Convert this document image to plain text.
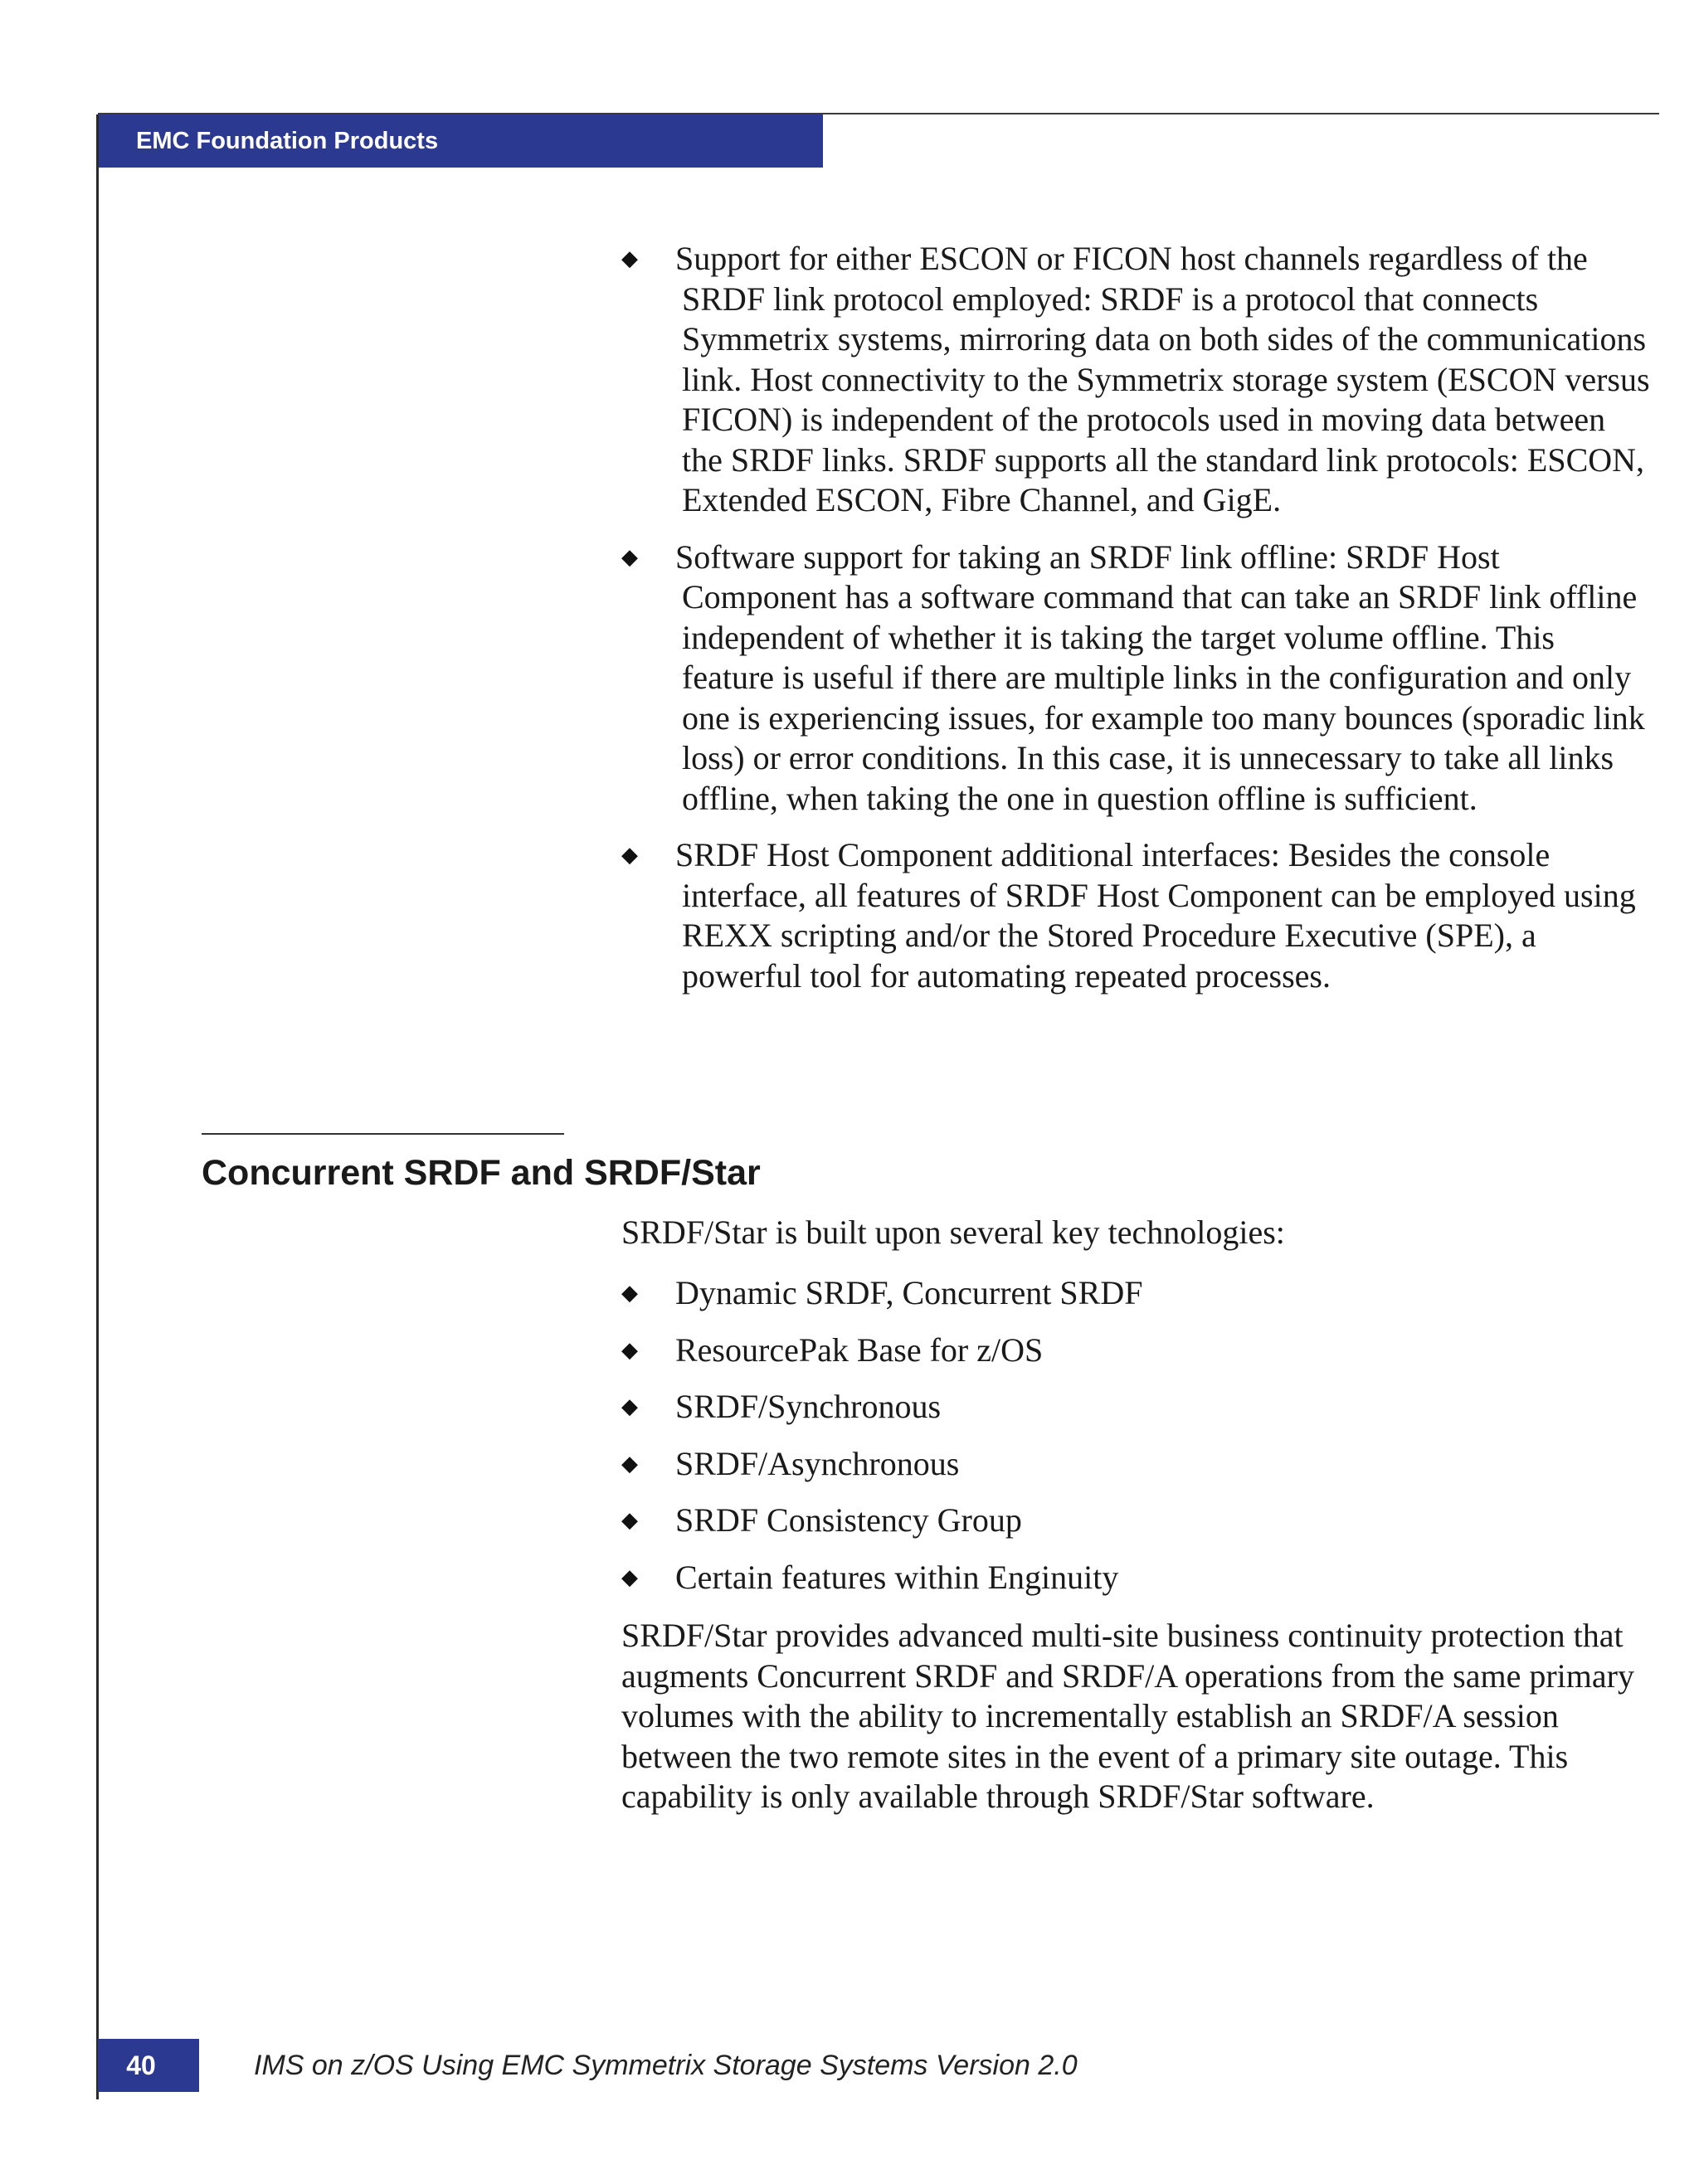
EMC Foundation Products
◆	Support for either ESCON or FICON host channels regardless of the SRDF link protocol employed: SRDF is a protocol that connects Symmetrix systems, mirroring data on both sides of the communications link. Host connectivity to the Symmetrix storage system (ESCON versus FICON) is independent of the protocols used in moving data between the SRDF links. SRDF supports all the standard link protocols: ESCON, Extended ESCON, Fibre Channel, and GigE.
◆	Software support for taking an SRDF link offline: SRDF Host Component has a software command that can take an SRDF link offline independent of whether it is taking the target volume offline. This feature is useful if there are multiple links in the configuration and only one is experiencing issues, for example too many bounces (sporadic link loss) or error conditions. In this case, it is unnecessary to take all links offline, when taking the one in question offline is sufficient.
◆	SRDF Host Component additional interfaces: Besides the console interface, all features of SRDF Host Component can be employed using REXX scripting and/or the Stored Procedure Executive (SPE), a powerful tool for automating repeated processes.
Concurrent SRDF and SRDF/Star

SRDF/Star is built upon several key technologies:

◆	Dynamic SRDF, Concurrent SRDF
◆	ResourcePak Base for z/OS
◆	SRDF/Synchronous
◆	SRDF/Asynchronous
◆	SRDF Consistency Group
◆	Certain features within Enginuity

SRDF/Star provides advanced multi-site business continuity protection that augments Concurrent SRDF and SRDF/A operations from the same primary volumes with the ability to incrementally establish an SRDF/A session between the two remote sites in the event of a primary site outage. This capability is only available through SRDF/Star software.

40	IMS on z/OS Using EMC Symmetrix Storage Systems Version 2.0
